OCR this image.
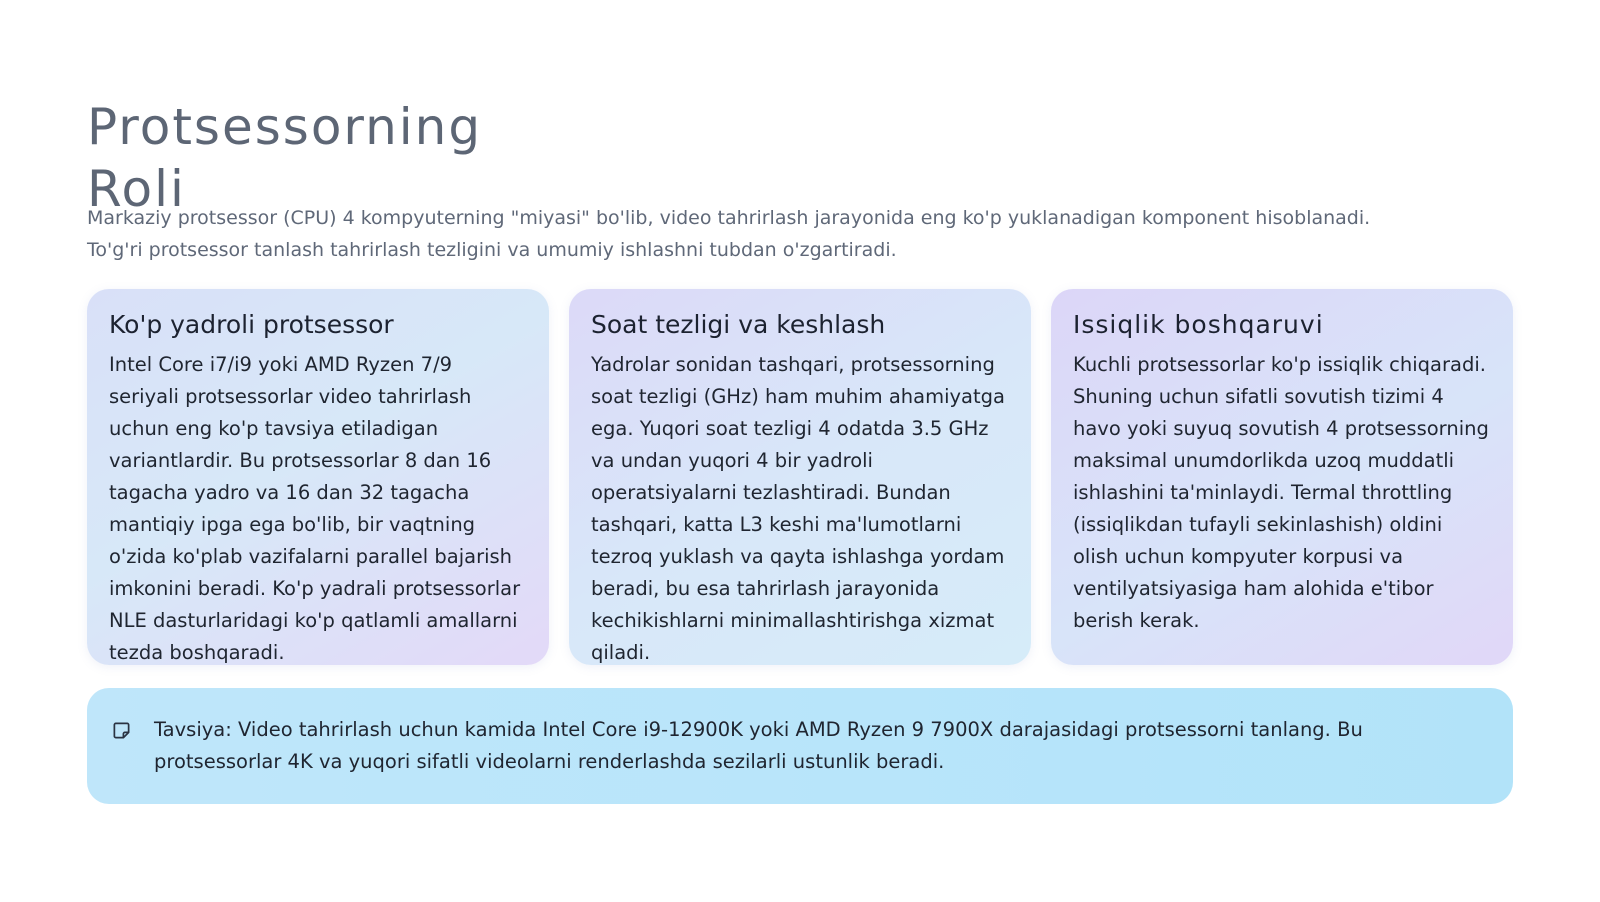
Protsessorning Roli

Markaziy protsessor (CPU) 4 kompyuterning "miyasi" bo'lib, video tahrirlash jarayonida eng ko'p yuklanadigan komponent hisoblanadi. To'g'ri protsessor tanlash tahrirlash tezligini va umumiy ishlashni tubdan o'zgartiradi.

Ko'p yadroli protsessor

Intel Core i7/i9 yoki AMD Ryzen 7/9 seriyali protsessorlar video tahrirlash uchun eng ko'p tavsiya etiladigan variantlardir. Bu protsessorlar 8 dan 16 tagacha yadro va 16 dan 32 tagacha mantiqiy ipga ega bo'lib, bir vaqtning o'zida ko'plab vazifalarni parallel bajarish imkonini beradi. Ko'p yadrali protsessorlar NLE dasturlaridagi ko'p qatlamli amallarni tezda boshqaradi.

Soat tezligi va keshlash

Yadrolar sonidan tashqari, protsessorning soat tezligi (GHz) ham muhim ahamiyatga ega. Yuqori soat tezligi 4 odatda 3.5 GHz va undan yuqori 4 bir yadroli operatsiyalarni tezlashtiradi. Bundan tashqari, katta L3 keshi ma'lumotlarni tezroq yuklash va qayta ishlashga yordam beradi, bu esa tahrirlash jarayonida kechikishlarni minimallashtirishga xizmat qiladi.

Issiqlik boshqaruvi

Kuchli protsessorlar ko'p issiqlik chiqaradi. Shuning uchun sifatli sovutish tizimi 4 havo yoki suyuq sovutish 4 protsessorning maksimal unumdorlikda uzoq muddatli ishlashini ta'minlaydi. Termal throttling (issiqlikdan tufayli sekinlashish) oldini olish uchun kompyuter korpusi va ventilyatsiyasiga ham alohida e'tibor berish kerak.

Tavsiya: Video tahrirlash uchun kamida Intel Core i9-12900K yoki AMD Ryzen 9 7900X darajasidagi protsessorni tanlang. Bu protsessorlar 4K va yuqori sifatli videolarni renderlashda sezilarli ustunlik beradi.
